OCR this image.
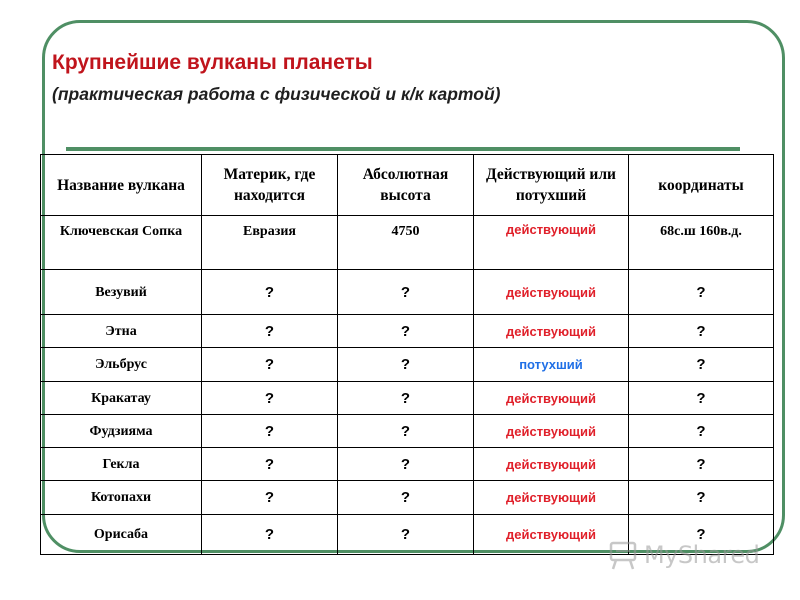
Крупнейшие вулканы планеты
(практическая работа с физической и к/к картой)
Название вулкана	Материк, где находится	Абсолютная высота	Действующий или потухший	координаты
Ключевская Сопка	Евразия	4750	действующий	68с.ш 160в.д.
Везувий	?	?	действующий	?
Этна	?	?	действующий	?
Эльбрус	?	?	потухший	?
Кракатау	?	?	действующий	?
Фудзияма	?	?	действующий	?
Гекла	?	?	действующий	?
Котопахи	?	?	действующий	?
Орисаба	?	?	действующий	?
MyShared
